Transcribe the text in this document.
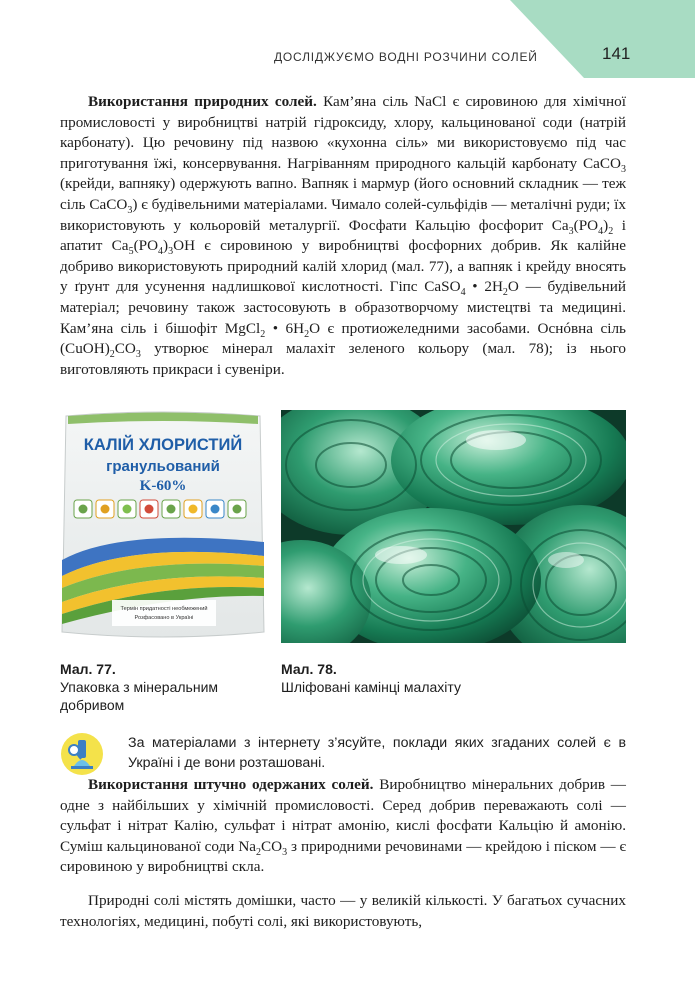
ДОСЛІДЖУЄМО ВОДНІ РОЗЧИНИ СОЛЕЙ	141

Використання природних солей. Кам’яна сіль NaCl є сировиною для хімічної промисловості у виробництві натрій гідроксиду, хлору, кальцинованої соди (натрій карбонату). Цю речовину під назвою «кухонна сіль» ми використовуємо під час приготування їжі, консервування. Нагріванням природного кальцій карбонату CaCO$_3$ (крейди, вапняку) одержують вапно. Вапняк і мармур (його основний складник — теж сіль CaCO$_3$) є будівельними матеріалами. Чимало солей-сульфідів — металічні руди; їх використовують у кольоровій металургії. Фосфати Кальцію фосфорит $Ca_3(PO_4)_2$ і апатит $Ca_5(PO_4)_3OH$ є сировиною у виробництві фосфорних добрив. Як калійне добриво використовують природний калій хлорид (мал. 77), а вапняк і крейду вносять у ґрунт для усунення надлишкової кислотності. Гіпс CaSO$_4$ • $2H_2O$ — будівельний матеріал; речовину також застосовують в образотворчому мистецтві та медицині. Кам’яна сіль і бішофіт MgCl$_2$ • $6H_2O$ є протиожеледними засобами. Оснóвна сіль $(CuOH)_2CO_3$ утворює мінерал малахіт зеленого кольору (мал. 78); із нього виготовляють прикраси і сувеніри.

КАЛІЙ ХЛОРИСТИЙ
гранульований
K-60%
Термін придатності необмежений
Розфасовано в Україні
Мал. 77.
Упаковка з мінеральним добривом
Мал. 78.
Шліфовані камінці малахіту

За матеріалами з інтернету з’ясуйте, поклади яких згаданих солей є в Україні і де вони розташовані.

Використання штучно одержаних солей. Виробництво мінеральних добрив — одне з найбільших у хімічній промисловості. Серед добрив переважають солі — сульфат і нітрат Калію, сульфат і нітрат амонію, кислі фосфати Кальцію й амонію. Суміш кальцинованої соди $Na_2CO_3$ з природними речовинами — крейдою і піском — є сировиною у виробництві скла.

Природні солі містять домішки, часто — у великій кількості. У багатьох сучасних технологіях, медицині, побуті солі, які використовують,
